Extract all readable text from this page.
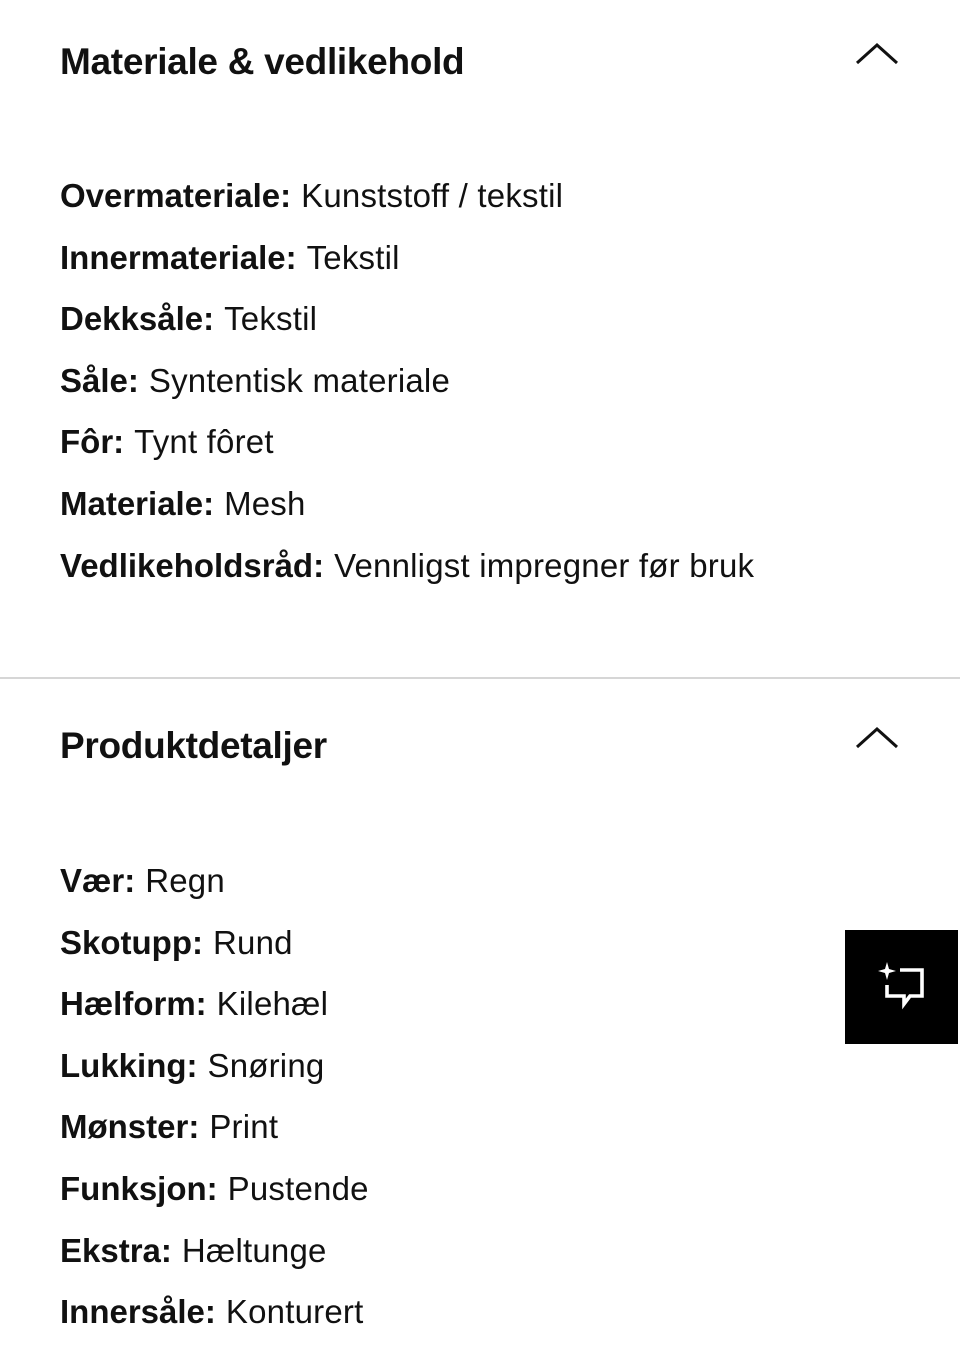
Materiale & vedlikehold
Overmateriale: Kunststoff / tekstil
Innermateriale: Tekstil
Dekksåle: Tekstil
Såle: Syntentisk materiale
Fôr: Tynt fôret
Materiale: Mesh
Vedlikeholdsråd: Vennligst impregner før bruk
Produktdetaljer
Vær: Regn
Skotupp: Rund
Hælform: Kilehæl
Lukking: Snøring
Mønster: Print
Funksjon: Pustende
Ekstra: Hæltunge
Innersåle: Konturert
